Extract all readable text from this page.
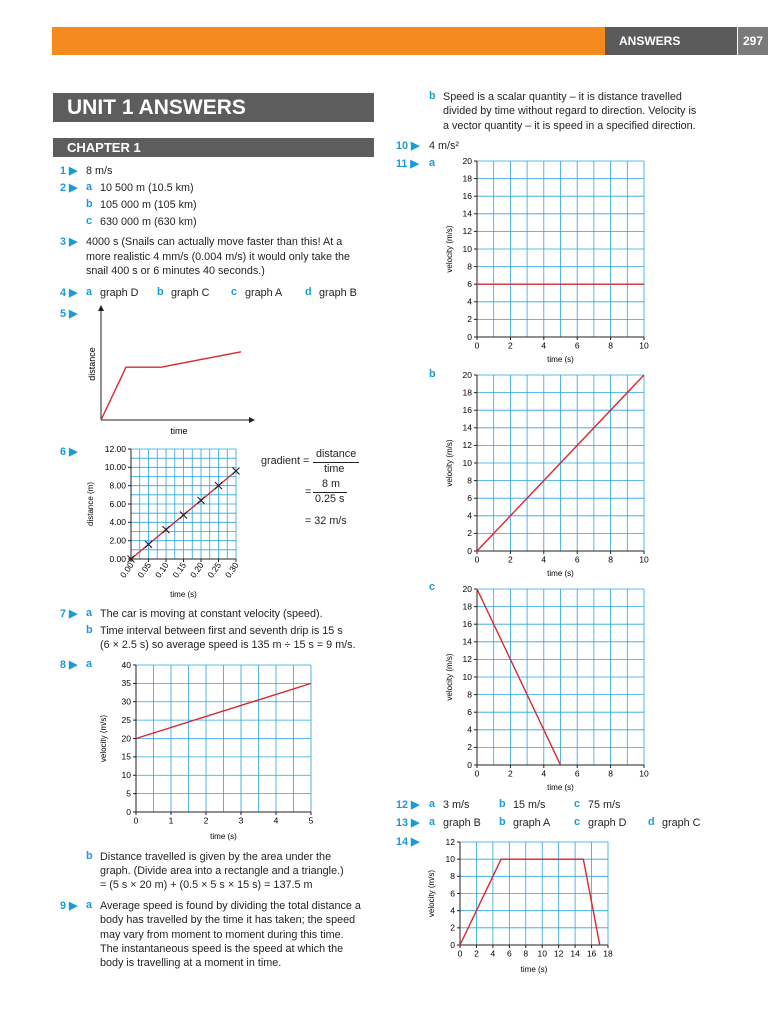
ANSWERS	297
UNIT 1 ANSWERS
CHAPTER 1
1 ▶ 8 m/s
2 ▶ a 10 500 m (10.5 km)
b 105 000 m (105 km)
c 630 000 m (630 km)
3 ▶ 4000 s (Snails can actually move faster than this! At a
more realistic 4 mm/s (0.004 m/s) it would only take the
snail 400 s or 6 minutes 40 seconds.)
4 ▶ a graph D b graph C c graph A d graph B
5 ▶
time
distance
6 ▶
0.00 0.05 0.10 0.15 0.20 0.25 0.30
0.00
2.00
4.00
6.00
8.00
10.00
12.00
time (s)
distance (m)
gradient =
distance
time
=
8 m
0.25 s
= 32 m/s
7 ▶ a The car is moving at constant velocity (speed).
b Time interval between first and seventh drip is 15 s
(6 × 2.5 s) so average speed is 135 m ÷ 15 s = 9 m/s.
8 ▶ a
0	1	2	3	4	5
0
5
10
15
20
25
30
35
40
time (s)
velocity (m/s)
b Distance travelled is given by the area under the
graph. (Divide area into a rectangle and a triangle.)
= (5 s × 20 m) + (0.5 × 5 s × 15 s) = 137.5 m
9 ▶ a Average speed is found by dividing the total distance a
body has travelled by the time it has taken; the speed
may vary from moment to moment during this time.
The instantaneous speed is the speed at which the
body is travelling at a moment in time.
b Speed is a scalar quantity – it is distance travelled
divided by time without regard to direction. Velocity is
a vector quantity – it is speed in a specified direction.
10 ▶ 4 m/s²
11 ▶ a
0	2	4	6	8	10
0
2
4
6
8
10
12
14
16
18
20
time (s)
velocity (m/s)
b
0	2	4	6	8	10
0
2
4
6
8
10
12
14
16
18
20
time (s)
velocity (m/s)
c
0	2	4	6	8	10
0
2
4
6
8
10
12
14
16
18
20
time (s)
velocity (m/s)
12 ▶ a 3 m/s	b 15 m/s	c 75 m/s
13 ▶ a graph B b graph A c graph D d graph C
14 ▶
0 2 4 6 8 10 12 14 16 18
0
2
4
6
8
10
12
time (s)
velocity (m/s)
